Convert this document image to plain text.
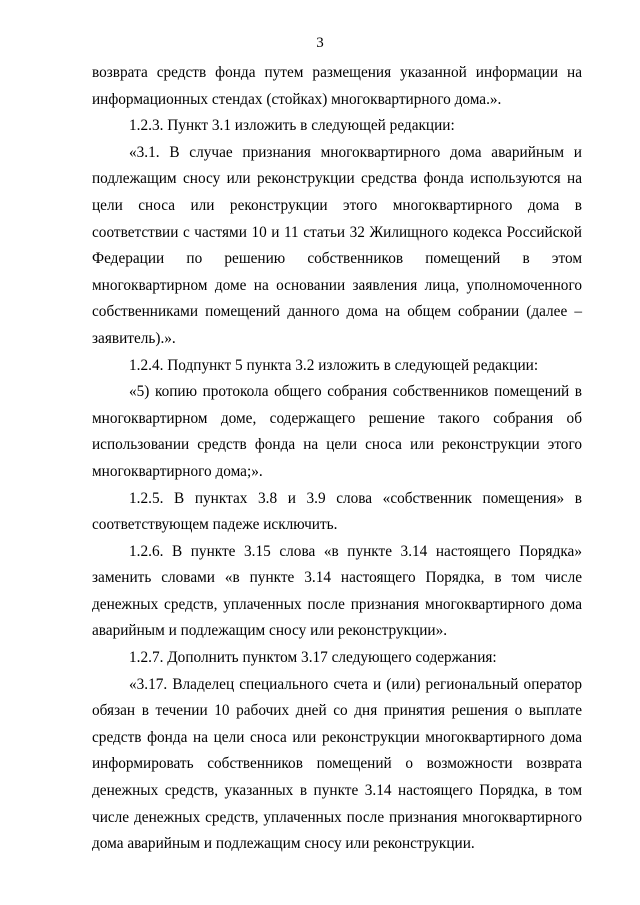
3

возврата средств фонда путем размещения указанной информации на информационных стендах (стойках) многоквартирного дома.».

1.2.3. Пункт 3.1 изложить в следующей редакции:

«3.1. В случае признания многоквартирного дома аварийным и подлежащим сносу или реконструкции средства фонда используются на цели сноса или реконструкции этого многоквартирного дома в соответствии с частями 10 и 11 статьи 32 Жилищного кодекса Российской Федерации по решению собственников помещений в этом многоквартирном доме на основании заявления лица, уполномоченного собственниками помещений данного дома на общем собрании (далее – заявитель).».

1.2.4. Подпункт 5 пункта 3.2 изложить в следующей редакции:

«5) копию протокола общего собрания собственников помещений в многоквартирном доме, содержащего решение такого собрания об использовании средств фонда на цели сноса или реконструкции этого многоквартирного дома;».

1.2.5. В пунктах 3.8 и 3.9 слова «собственник помещения» в соответствующем падеже исключить.

1.2.6. В пункте 3.15 слова «в пункте 3.14 настоящего Порядка» заменить словами «в пункте 3.14 настоящего Порядка, в том числе денежных средств, уплаченных после признания многоквартирного дома аварийным и подлежащим сносу или реконструкции».

1.2.7. Дополнить пунктом 3.17 следующего содержания:

«3.17. Владелец специального счета и (или) региональный оператор обязан в течении 10 рабочих дней со дня принятия решения о выплате средств фонда на цели сноса или реконструкции многоквартирного дома информировать собственников помещений о возможности возврата денежных средств, указанных в пункте 3.14 настоящего Порядка, в том числе денежных средств, уплаченных после признания многоквартирного дома аварийным и подлежащим сносу или реконструкции.
